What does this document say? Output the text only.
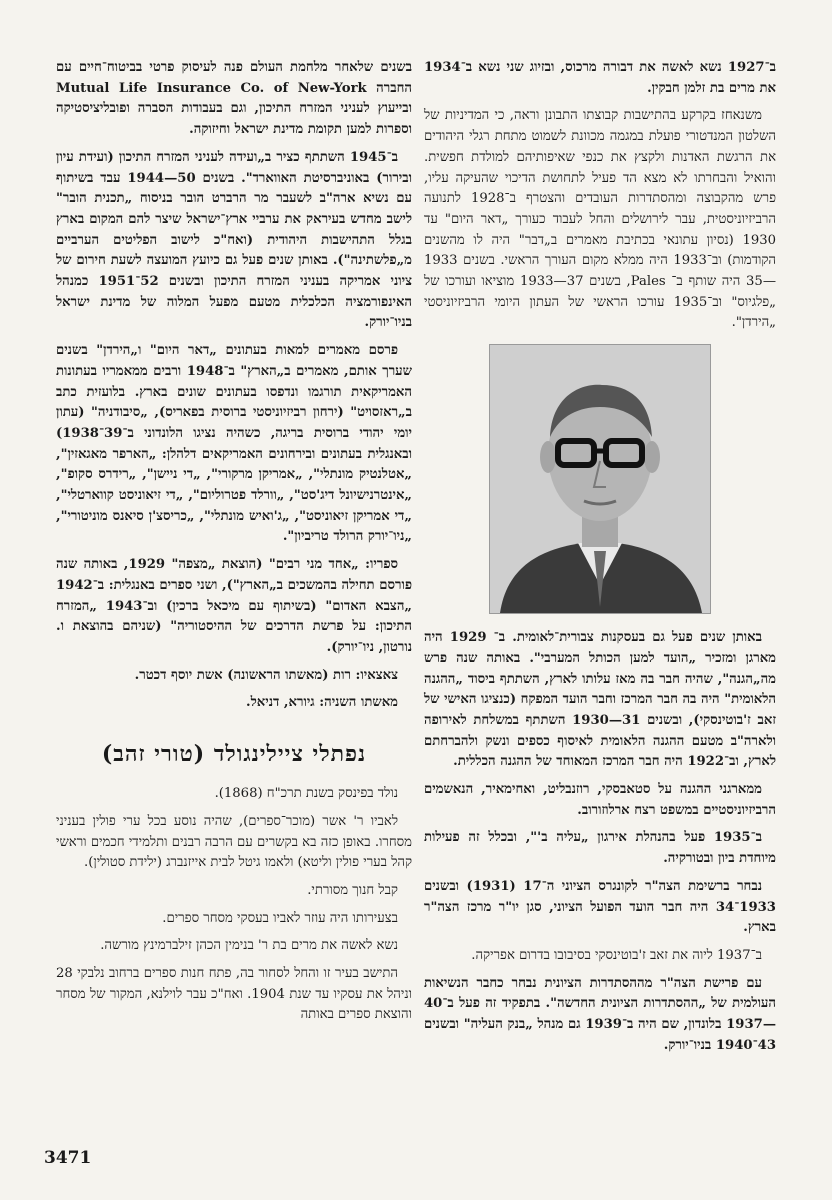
ב־1927 נשא לאשה את דבורה מרכוס, ובזיוג שני נשא ב־1934 את מרים בת זלמן חבקין.

משנאחז בקרקע בהתישבות קבוצתו התבונן וראה, כי המדיניות של השלטון המנדטורי פועלת במגמה מכוונת לשמוט מתחת רגלי היהודים את הרגשת האדנות ולקצץ את כנפי שאיפותיהם למולדת חפשית. והואיל והבחרתו לא מצא הד פעיל לתחושת הדיכוי שהעיקה עליו, פרש מהקבוצה ומהסתדרות העובדים והצטרף ב־1928 לתנועה הרביזיוניסטית, עבר לירושלים והחל לעבוד כעורך „דאר היום" עד 1930 (נסיון עתונאי בכתיבת מאמרים ב„דבר" היה לו מהשנים הקודמות) וב־1933 היה ממלא מקום העורך הראשי. בשנים 1933—35 היה שותף ב־ Pales, בשנים 37—1933 מוציאו ועורכו של „פלגיוס" וב־1935 עורכו הראשי של העתון היומי הרביזיוניסטי „הירדן".

באותן שנים פעל גם בעסקנות צבורית־לאומית. ב־ 1929 היה מארגן ומזכיר „הועד למען הכותל המערבי". באותה שנה פרש מה„הגנה", שהיה חבר בה מאז עלותו לארץ, השתתף ביסוד „ההגנה הלאומית" היה בה חבר המרכז וחבר הועד המפקח (כנציגו האישי של זאב ז'בוטינסקי), ובשנים 31—1930 השתתף במשלחת לאירופה ולארה"ב מטעם ההגנה הלאומית לאיסוף כספים ונשק ולהברחתם לארץ, וב־1922 היה חבר המרכז המאוחד של ההגנה הכללית.

ממארגני ההגנה על סטאבסקי, רוזנבליט, ואחימאיר, הנאשמים הרביזיוניסטיים במשפט רצח ארלוזורוב.

ב־1935 פעל בהנהלת אירגון „עליה ב'", ובכלל זה פעילות מיוחדת ביון ובטורקיה.

נבחר ברשימת הצה"ר לקונגרס הציוני ה־17 (1931) ובשנים 1933־34 היה חבר הועד הפועל הציוני, סגן יו"ר מרכז הצה"ר בארץ.

ב־1937 ליוה את זאב ז'בוטינסקי בסיבובו בדרום אפריקה.

עם פרישת הצה"ר מההסתדרות הציונית נבחר כחבר הנשיאות העולמית של „ההסתדרות הציונית החדשה". בתפקיד זה פעל ב־40—1937 בלונדון, שם היה ב־1939 גם מנהל „בנק העליה" ובשנים 43־1940 בניו־יורק.

בשנים שלאחר מלחמת העולם פנה לעיסוק פרטי בביטוח־חיים עם החברה Mutual Life Insurance Co. of New-York ובייעוץ לעניני המזרח התיכון, וגם בעבודות הסברה ופובליציסטיקה וספרות למען תקומת מדינת ישראל וחיזוקה.

ב־1945 השתתף כציר ב„ועידה לעניני המזרח התיכון (ועידת עיון ובירור) באוניברסיטת האווארד". בשנים 50—1944 עבד בשיתוף עם נשיא ארה"ב לשעבר מר הרברט הובר בניסוח „תכנית הובר" לישב מחדש בעיראק את ערביי ארץ־ישראל שיצר להם המקום בארץ בגלל התהישבות היהודית (ואח"כ לישוב הפליטים הערביים מ„פלשתינה"). באותן שנים פעל גם כיועץ המועצה לשעת חירום של ציוני אמריקה בעניני המזרח התיכון ובשנים 52־1951 כמנהל האינפורמציה הכלכלית מטעם מפעל המלוה של מדינת ישראל בניו־יורק.

פרסם מאמרים למאות בעתונים „דאר היום" ו„הירדן" בשנים שערך אותם, מאמרים ב„הארץ" ב־1948 ורבים ממאמריו בעתונות האמריקאית תורגמו ונדפסו בעתונים שונים בארץ. בלועזית כתב ב„ראזסויט" (ירחון רביזיוניסטי ברוסית בפאריס), „סיבודניה" (עתון יומי יהודי ברוסית בריגה, כשהיה נציגו הלונדוני ב־39־1938) ובאנגלית בעתונים ובירחונים האמריקאים דלהלן: „הארפר מאגאזין", „אטלנטיק מונתלי", „אמריקן מרקורי", „די ניישן", „רידרס סקופ", „אינטרנישיונל דיג'סט", „וורלד פטרוליום", „די זיאוניסט קווארטלי", „די אמריקן זיאוניסט", „ג'ואיש מונתלי", „כריסצ'ן סיאנס מוניטורי", „ניו־יורק הרולד טריביון".

ספריו: „אחד מני רבים" (הוצאת „מצפה" 1929, באותה שנה פורסם תחילה בהמשכים ב„הארץ"), ושני ספרים באנגלית: ב־1942 „הצבא האדום" (בשיתוף עם מיכאל ברכין) וב־1943 „המזרח התיכון: על פרשת הדרכים של ההיסטוריה" (שניהם בהוצאת ו. נורטון, ניו־יורק).

צאצאיו: רות (מאשתו הראשונה) אשת יוסף דכטר.

מאשתו השניה: גיורא, דניאל.

נפתלי ציילינגולד (טורי זהב)

נולד בפינסק בשנת תרכ"ח (1868).

לאביו ר' אשר (מוכר־ספרים), שהיה נוסע בכל ערי פולין בעניני מסחרו. באופן כזה בא בקשרים עם הרבה רבנים ותלמידי חכמים וראשי קהל בערי פולין וליטא) ולאמו גיטל לבית אייזנברג (ילידת סטולין).

קבל חנוך מסורתי.

בצעירותו היה עוזר לאביו בעסקי מסחר ספרים.

נשא לאשה את מרים בת ר' בנימין הכהן זילברמינץ מורשה.

התישב בעיר זו והחל לסחור בה, פתח חנות ספרים ברחוב נלבקי 28 וניהל את עסקיו עד שנת 1904. ואח"כ עבר לוילנא, המקור של מסחר והוצאת ספרים באותה

3471
